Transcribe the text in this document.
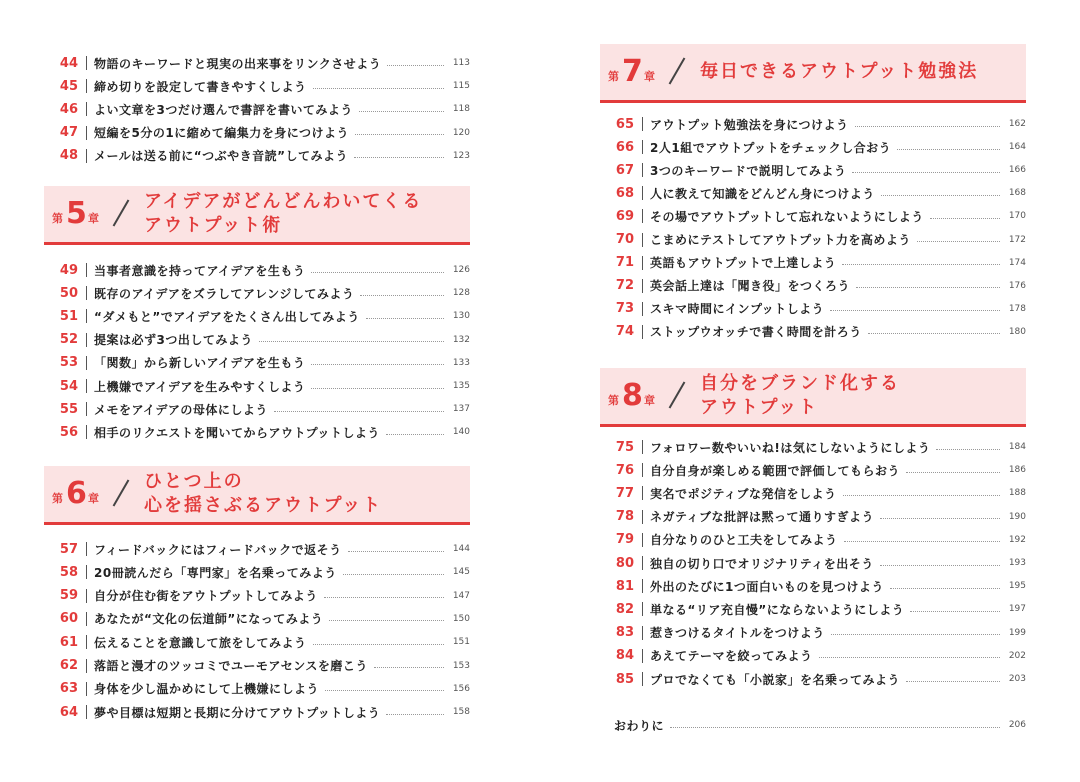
44 物語のキーワードと現実の出来事をリンクさせよう	113
45 締め切りを設定して書きやすくしよう	115
46 よい文章を3つだけ選んで書評を書いてみよう	118
47 短編を5分の1に縮めて編集力を身につけよう	120
48 メールは送る前に“つぶやき音読”してみよう	123
第 5 章
アイデアがどんどんわいてくる
アウトプット術
49 当事者意識を持ってアイデアを生もう	126
50 既存のアイデアをズラしてアレンジしてみよう	128
51 “ダメもと”でアイデアをたくさん出してみよう	130
52 提案は必ず3つ出してみよう	132
53 「関数」から新しいアイデアを生もう	133
54 上機嫌でアイデアを生みやすくしよう	135
55 メモをアイデアの母体にしよう	137
56 相手のリクエストを聞いてからアウトプットしよう	140
第 6 章
ひとつ上の
心を揺さぶるアウトプット
57 フィードバックにはフィードバックで返そう	144
58 20冊読んだら「専門家」を名乗ってみよう	145
59 自分が住む街をアウトプットしてみよう	147
60 あなたが“文化の伝道師”になってみよう	150
61 伝えることを意識して旅をしてみよう	151
62 落語と漫才のツッコミでユーモアセンスを磨こう	153
63 身体を少し温かめにして上機嫌にしよう	156
64 夢や目標は短期と長期に分けてアウトプットしよう	158
第 7 章	毎日できるアウトプット勉強法
65 アウトプット勉強法を身につけよう	162
66 2人1組でアウトプットをチェックし合おう	164
67 3つのキーワードで説明してみよう	166
68 人に教えて知識をどんどん身につけよう	168
69 その場でアウトプットして忘れないようにしよう	170
70 こまめにテストしてアウトプット力を高めよう	172
71 英語もアウトプットで上達しよう	174
72 英会話上達は「聞き役」をつくろう	176
73 スキマ時間にインプットしよう	178
74 ストップウオッチで書く時間を計ろう	180
第 8 章
自分をブランド化する
アウトプット
75 フォロワー数やいいね!は気にしないようにしよう	184
76 自分自身が楽しめる範囲で評価してもらおう	186
77 実名でポジティブな発信をしよう	188
78 ネガティブな批評は黙って通りすぎよう	190
79 自分なりのひと工夫をしてみよう	192
80 独自の切り口でオリジナリティを出そう	193
81 外出のたびに1つ面白いものを見つけよう	195
82 単なる“リア充自慢”にならないようにしよう	197
83 惹きつけるタイトルをつけよう	199
84 あえてテーマを絞ってみよう	202
85 プロでなくても「小説家」を名乗ってみよう	203
おわりに	206
